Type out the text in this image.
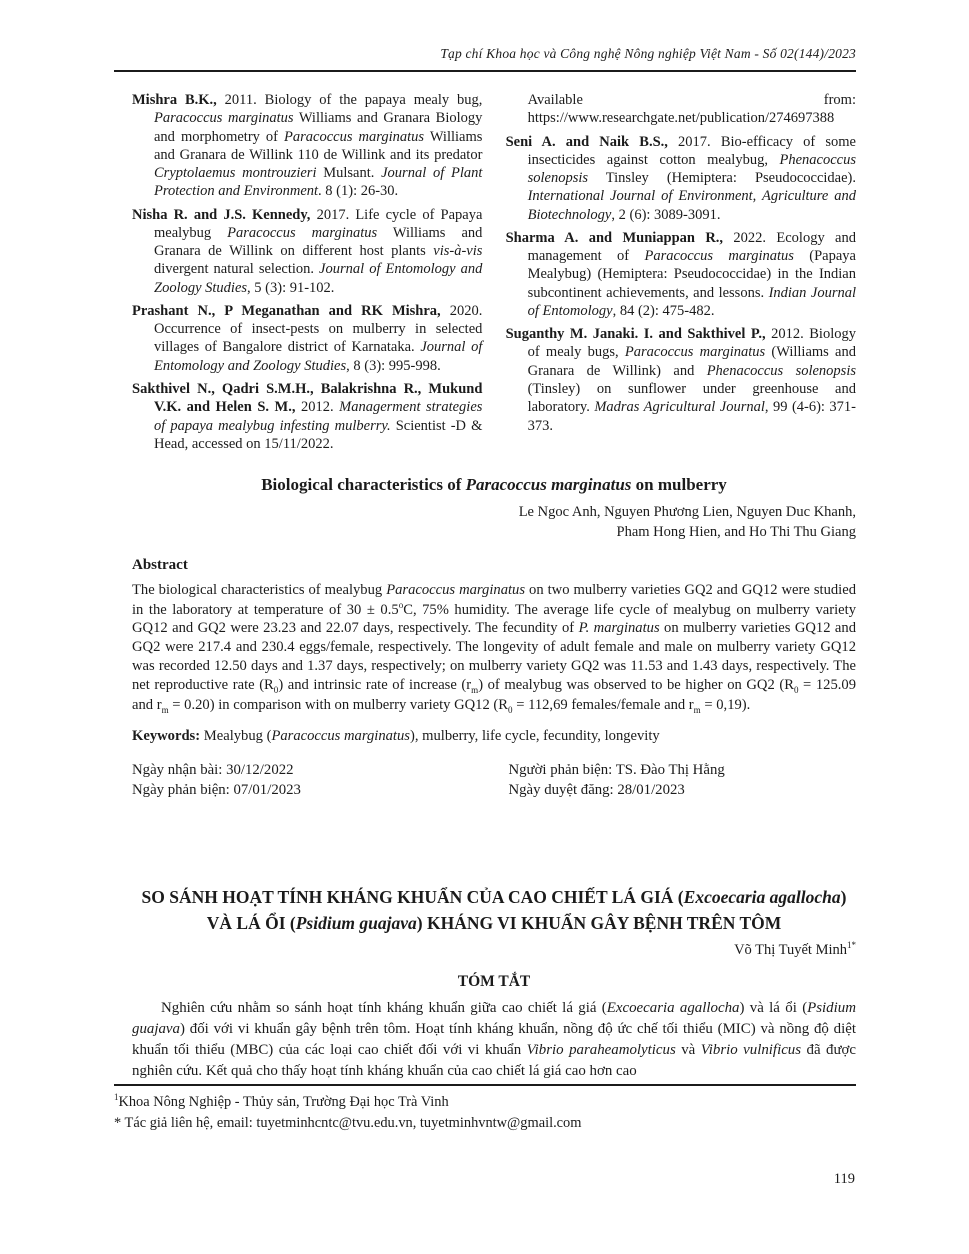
Tạp chí Khoa học và Công nghệ Nông nghiệp Việt Nam - Số 02(144)/2023

Mishra B.K., 2011. Biology of the papaya mealy bug, Paracoccus marginatus Williams and Granara Biology and morphometry of Paracoccus marginatus Williams and Granara de Willink 110 de Willink and its predator Cryptolaemus montrouzieri Mulsant. Journal of Plant Protection and Environment. 8 (1): 26-30.

Nisha R. and J.S. Kennedy, 2017. Life cycle of Papaya mealybug Paracoccus marginatus Williams and Granara de Willink on different host plants vis-à-vis divergent natural selection. Journal of Entomology and Zoology Studies, 5 (3): 91-102.

Prashant N., P Meganathan and RK Mishra, 2020. Occurrence of insect-pests on mulberry in selected villages of Bangalore district of Karnataka. Journal of Entomology and Zoology Studies, 8 (3): 995-998.

Sakthivel N., Qadri S.M.H., Balakrishna R., Mukund V.K. and Helen S. M., 2012. Managerment strategies of papaya mealybug infesting mulberry. Scientist -D & Head, accessed on 15/11/2022.

Available from: https://www.researchgate.net/publication/274697388

Seni A. and Naik B.S., 2017. Bio-efficacy of some insecticides against cotton mealybug, Phenacoccus solenopsis Tinsley (Hemiptera: Pseudococcidae). International Journal of Environment, Agriculture and Biotechnology, 2 (6): 3089-3091.

Sharma A. and Muniappan R., 2022. Ecology and management of Paracoccus marginatus (Papaya Mealybug) (Hemiptera: Pseudococcidae) in the Indian subcontinent achievements, and lessons. Indian Journal of Entomology, 84 (2): 475-482.

Suganthy M. Janaki. I. and Sakthivel P., 2012. Biology of mealy bugs, Paracoccus marginatus (Williams and Granara de Willink) and Phenacoccus solenopsis (Tinsley) on sunflower under greenhouse and laboratory. Madras Agricultural Journal, 99 (4-6): 371-373.

Biological characteristics of Paracoccus marginatus on mulberry
Le Ngoc Anh, Nguyen Phương Lien, Nguyen Duc Khanh,
Pham Hong Hien, and Ho Thi Thu Giang
Abstract

The biological characteristics of mealybug Paracoccus marginatus on two mulberry varieties GQ2 and GQ12 were studied in the laboratory at temperature of $30 \pm 0.5^oC$, 75% humidity. The average life cycle of mealybug on mulberry variety GQ12 and GQ2 were 23.23 and 22.07 days, respectively. The fecundity of P. marginatus on mulberry varieties GQ12 and GQ2 were 217.4 and 230.4 eggs/female, respectively. The longevity of adult female and male on mulberry variety GQ12 was recorded 12.50 days and 1.37 days, respectively; on mulberry variety GQ2 was 11.53 and 1.43 days, respectively. The net reproductive rate $(R_0)$ and intrinsic rate of increase $(r_m)$ of mealybug was observed to be higher on GQ2 ($R_0 = 125.09$ and $r_m = 0.20$) in comparison with on mulberry variety GQ12 ($R_0 = 112,69$ females/female and $r_m = 0,19$).

Keywords: Mealybug (Paracoccus marginatus), mulberry, life cycle, fecundity, longevity

Ngày nhận bài: 30/12/2022
Ngày phản biện: 07/01/2023
Người phản biện: TS. Đào Thị Hằng
Ngày duyệt đăng: 28/01/2023
SO SÁNH HOẠT TÍNH KHÁNG KHUẨN CỦA CAO CHIẾT LÁ GIÁ (Excoecaria agallocha) VÀ LÁ ỔI (Psidium guajava) KHÁNG VI KHUẨN GÂY BỆNH TRÊN TÔM
Võ Thị Tuyết Minh$^{1*}$
TÓM TẮT

Nghiên cứu nhằm so sánh hoạt tính kháng khuẩn giữa cao chiết lá giá (Excoecaria agallocha) và lá ổi (Psidium guajava) đối với vi khuẩn gây bệnh trên tôm. Hoạt tính kháng khuẩn, nồng độ ức chế tối thiểu (MIC) và nồng độ diệt khuẩn tối thiểu (MBC) của các loại cao chiết đối với vi khuẩn Vibrio paraheamolyticus và Vibrio vulnificus đã được nghiên cứu. Kết quả cho thấy hoạt tính kháng khuẩn của cao chiết lá giá cao hơn cao

$^1$Khoa Nông Nghiệp - Thủy sản, Trường Đại học Trà Vinh

* Tác giả liên hệ, email: tuyetminhcntc@tvu.edu.vn, tuyetminhvntw@gmail.com

119
